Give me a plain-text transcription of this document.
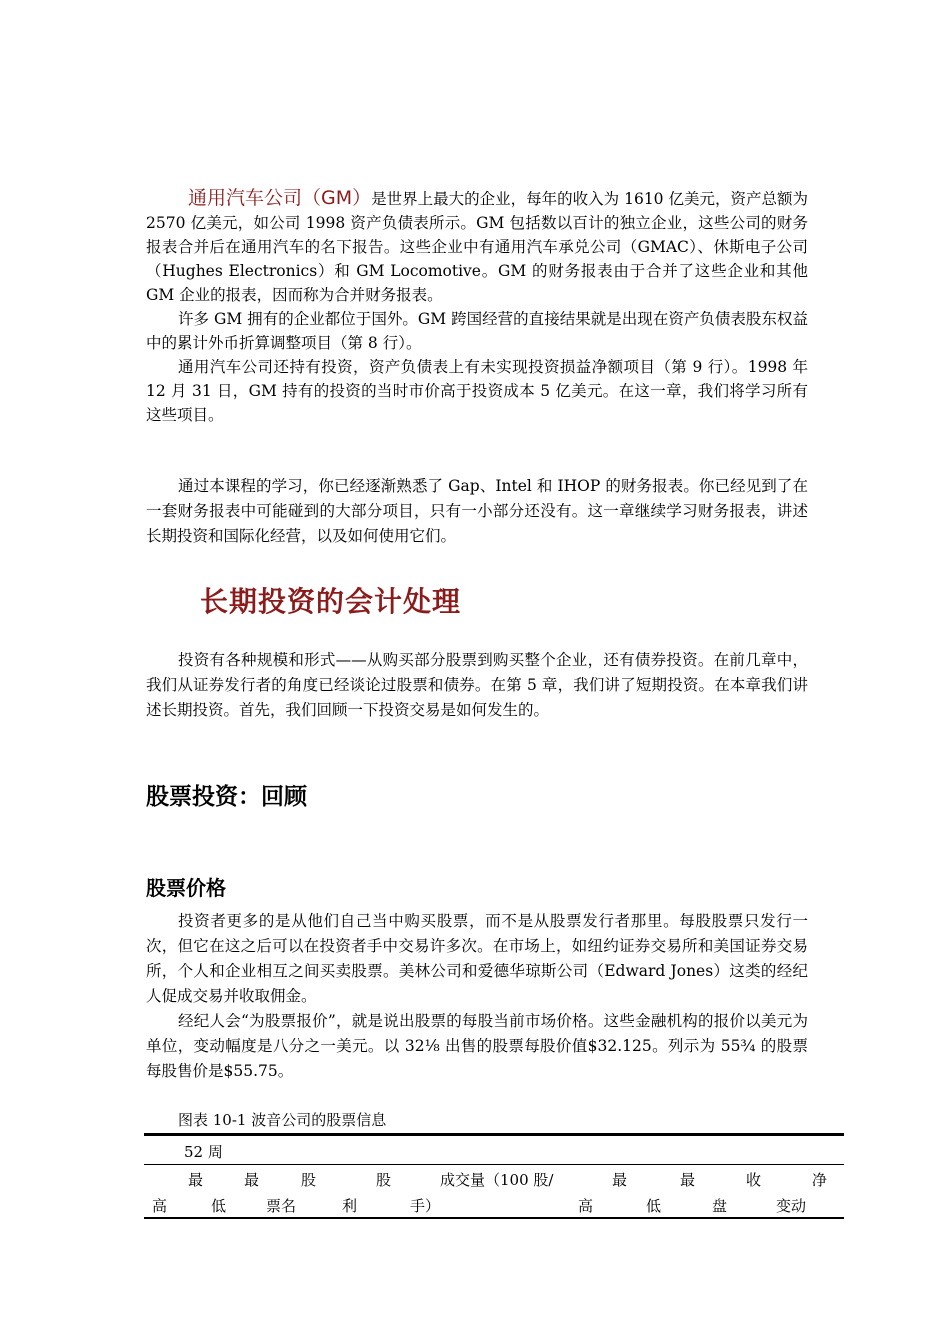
通用汽车公司（GM）是世界上最大的企业，每年的收入为 1610 亿美元，资产总额为 2570 亿美元，如公司 1998 资产负债表所示。GM 包括数以百计的独立企业，这些公司的财务报表合并后在通用汽车的名下报告。这些企业中有通用汽车承兑公司（GMAC）、休斯电子公司（Hughes Electronics）和 GM Locomotive。GM 的财务报表由于合并了这些企业和其他 GM 企业的报表，因而称为合并财务报表。

许多 GM 拥有的企业都位于国外。GM 跨国经营的直接结果就是出现在资产负债表股东权益中的累计外币折算调整项目（第 8 行）。

通用汽车公司还持有投资，资产负债表上有未实现投资损益净额项目（第 9 行）。1998 年 12 月 31 日，GM 持有的投资的当时市价高于投资成本 5 亿美元。在这一章，我们将学习所有这些项目。

通过本课程的学习，你已经逐渐熟悉了 Gap、Intel 和 IHOP 的财务报表。你已经见到了在一套财务报表中可能碰到的大部分项目，只有一小部分还没有。这一章继续学习财务报表，讲述长期投资和国际化经营，以及如何使用它们。

长期投资的会计处理

投资有各种规模和形式——从购买部分股票到购买整个企业，还有债券投资。在前几章中，我们从证券发行者的角度已经谈论过股票和债券。在第 5 章，我们讲了短期投资。在本章我们讲述长期投资。首先，我们回顾一下投资交易是如何发生的。

股票投资：回顾
股票价格

投资者更多的是从他们自己当中购买股票，而不是从股票发行者那里。每股股票只发行一次，但它在这之后可以在投资者手中交易许多次。在市场上，如纽约证券交易所和美国证券交易所，个人和企业相互之间买卖股票。美林公司和爱德华琼斯公司（Edward Jones）这类的经纪人促成交易并收取佣金。

经纪人会“为股票报价”，就是说出股票的每股当前市场价格。这些金融机构的报价以美元为单位，变动幅度是八分之一美元。以 32⅛ 出售的股票每股价值$32.125。列示为 55¾ 的股票每股售价是$55.75。

图表 10-1 波音公司的股票信息
52 周
最	最	股	股	成交量（100 股/	最	最	收	净
高	低	票名	利	手）	高	低	盘	变动
